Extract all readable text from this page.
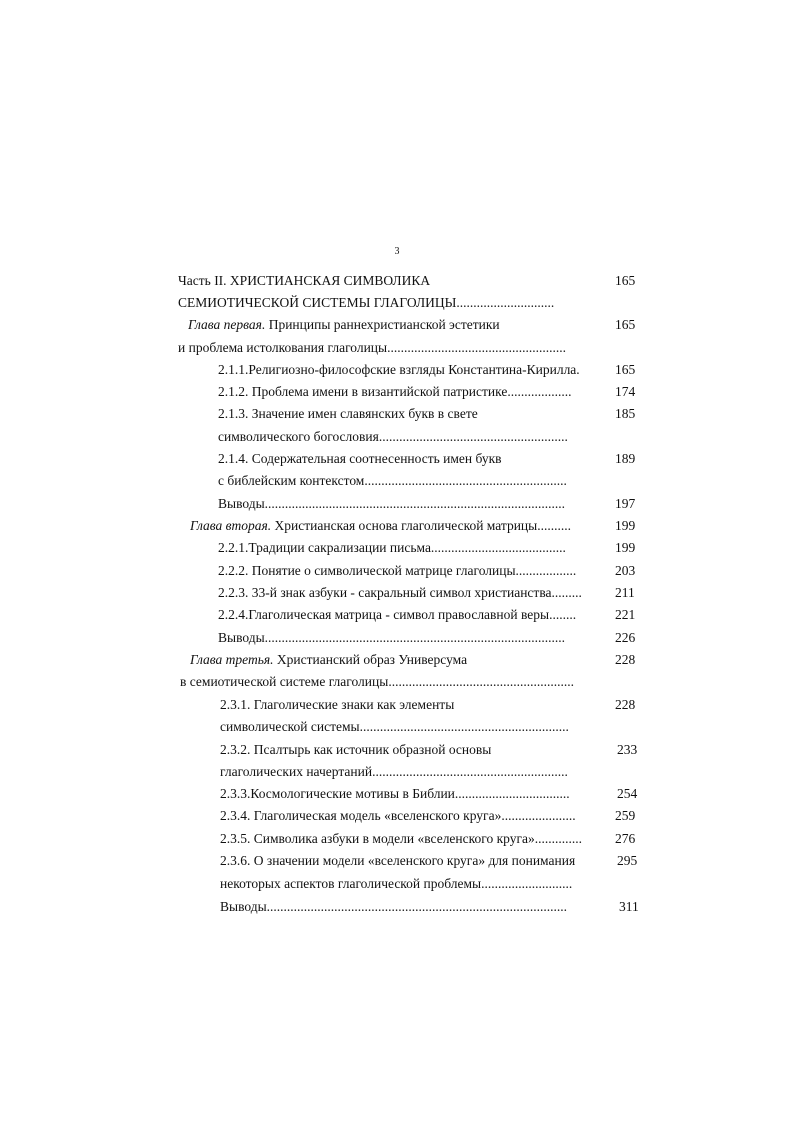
3
Часть II. ХРИСТИАНСКАЯ СИМВОЛИКА	165
СЕМИОТИЧЕСКОЙ СИСТЕМЫ ГЛАГОЛИЦЫ.............................
Глава первая. Принципы раннехристианской эстетики	165
и проблема истолкования глаголицы.....................................................
2.1.1.Религиозно-философские взгляды Константина-Кирилла.	165
2.1.2. Проблема имени в византийской патристике...................	174
2.1.3. Значение имен славянских букв в свете	185
символического богословия........................................................
2.1.4. Содержательная соотнесенность имен букв	189
с библейским контекстом............................................................
Выводы.........................................................................................	197
Глава вторая. Христианская основа глаголической матрицы..........	199
2.2.1.Традиции сакрализации письма........................................	199
2.2.2. Понятие о символической матрице глаголицы..................	203
2.2.3. 33-й знак азбуки - сакральный символ христианства.........	211
2.2.4.Глаголическая матрица - символ православной веры........	221
Выводы.........................................................................................	226
Глава третья. Христианский образ Универсума	228
в семиотической системе глаголицы.......................................................
2.3.1. Глаголические знаки как элементы	228
символической системы..............................................................
2.3.2. Псалтырь как источник образной основы	233
глаголических начертаний..........................................................
2.3.3.Космологические мотивы в Библии..................................	254
2.3.4. Глаголическая модель «вселенского круга»......................	259
2.3.5. Символика азбуки в модели «вселенского круга»..............	276
2.3.6. О значении модели «вселенского круга» для понимания	295
некоторых аспектов глаголической проблемы...........................
Выводы.........................................................................................	311
